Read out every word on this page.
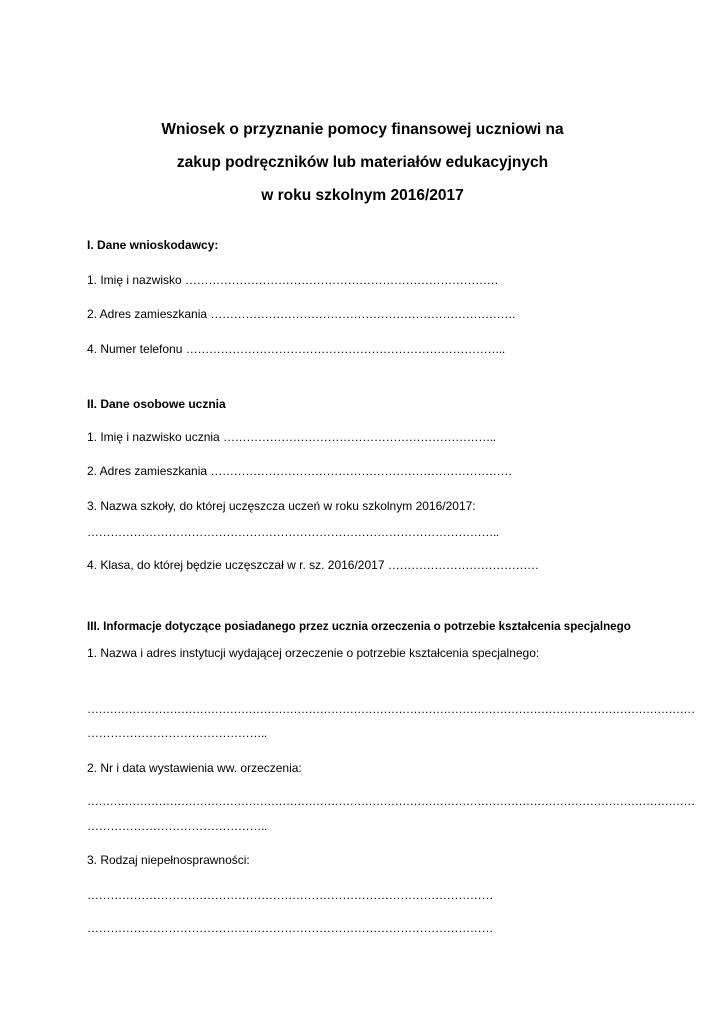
Wniosek o przyznanie pomocy finansowej uczniowi na
zakup podręczników lub materiałów edukacyjnych
w roku szkolnym 2016/2017
I. Dane wnioskodawcy:
1. Imię i nazwisko ………………………………………………………………………
2. Adres zamieszkania …………………………………………………………………….
4. Numer telefonu ………………………………………………………………………..
II. Dane osobowe ucznia
1. Imię i nazwisko ucznia ……………………………………………………………..
2. Adres zamieszkania ……………………………………………………………………
3. Nazwa szkoły, do której uczęszcza uczeń w roku szkolnym 2016/2017:
……………………………………………………………………………………………..
4. Klasa, do której będzie uczęszczał w r. sz. 2016/2017 …………………………………
III. Informacje dotyczące posiadanego przez ucznia orzeczenia o potrzebie kształcenia specjalnego
1. Nazwa i adres instytucji wydającej orzeczenie o potrzebie kształcenia specjalnego:
………………………………………………………………………………………………………………………………………………
………………………………………..
2. Nr i data wystawienia ww. orzeczenia:
………………………………………………………………………………………………………………………………………………
………………………………………..
3. Rodzaj niepełnosprawności:
……………………………………………………………………………………………
……………………………………………………………………………………………
